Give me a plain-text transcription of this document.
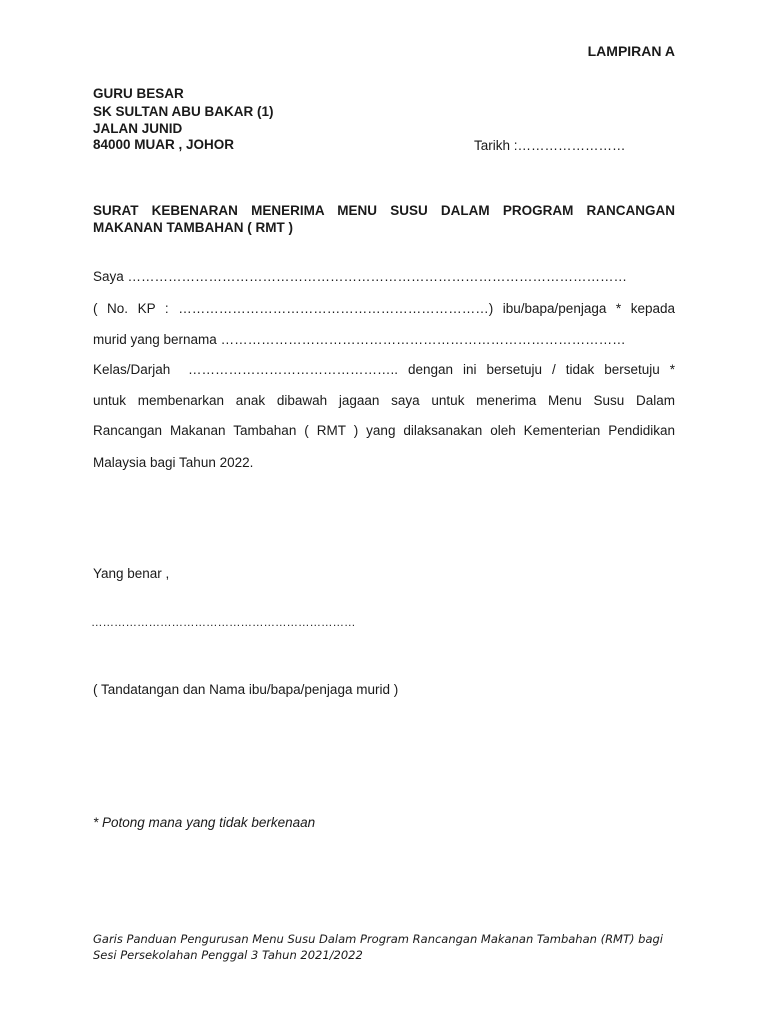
LAMPIRAN A
GURU BESAR
SK SULTAN ABU BAKAR (1)
JALAN JUNID
84000 MUAR , JOHOR	Tarikh :……………………
SURAT KEBENARAN MENERIMA MENU SUSU DALAM PROGRAM RANCANGAN
MAKANAN TAMBAHAN ( RMT )
Saya …………………………………………………………………………………………………
( No. KP : ……………………………………………………………) ibu/bapa/penjaga * kepada
murid yang bernama ………………………………………………………………………………
Kelas/Darjah ……………………………………….. dengan ini bersetuju / tidak bersetuju *
untuk membenarkan anak dibawah jagaan saya untuk menerima Menu Susu Dalam
Rancangan Makanan Tambahan ( RMT ) yang dilaksanakan oleh Kementerian Pendidikan
Malaysia bagi Tahun 2022.
Yang benar ,
……………………………………………………………
( Tandatangan dan Nama ibu/bapa/penjaga murid )
* Potong mana yang tidak berkenaan
Garis Panduan Pengurusan Menu Susu Dalam Program Rancangan Makanan Tambahan (RMT) bagi
Sesi Persekolahan Penggal 3 Tahun 2021/2022
